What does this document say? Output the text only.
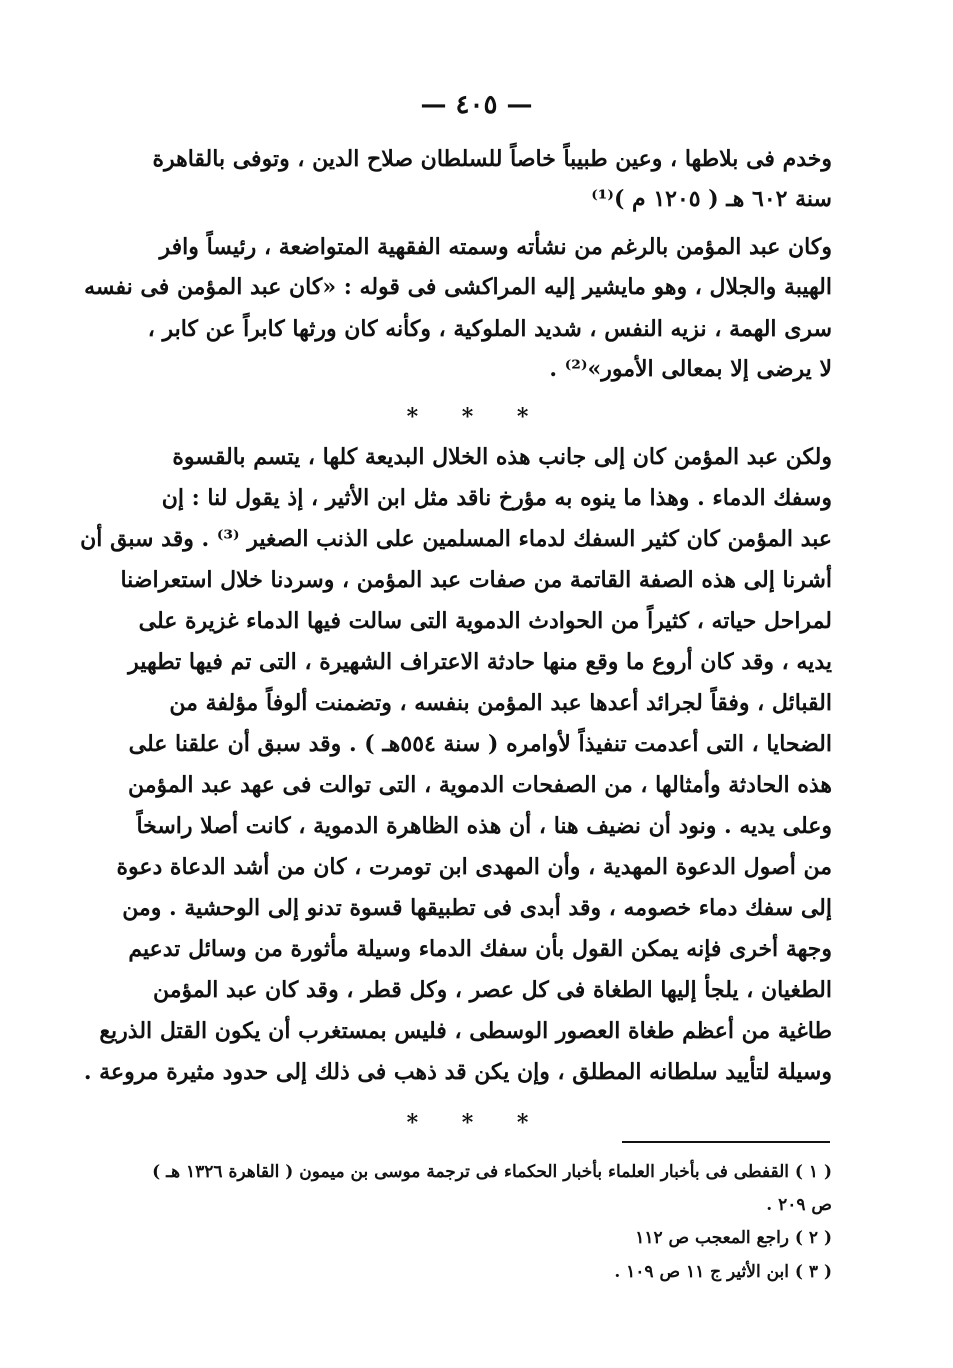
— ٤٠٥ —
وخدم فى بلاطها ، وعين طبيباً خاصاً للسلطان صلاح الدين ، وتوفى بالقاهرة
سنة ٦٠٢ هـ ( ١٢٠٥ م )⁽¹⁾
وكان عبد المؤمن بالرغم من نشأته وسمته الفقهية المتواضعة ، رئيساً وافر
الهيبة والجلال ، وهو مايشير إليه المراكشى فى قوله : «كان عبد المؤمن فى نفسه
سرى الهمة ، نزيه النفس ، شديد الملوكية ، وكأنه كان ورثها كابراً عن كابر ،
لا يرضى إلا بمعالى الأمور»⁽²⁾ .
ولكن عبد المؤمن كان إلى جانب هذه الخلال البديعة كلها ، يتسم بالقسوة
وسفك الدماء . وهذا ما ينوه به مؤرخ ناقد مثل ابن الأثير ، إذ يقول لنا : إن
عبد المؤمن كان كثير السفك لدماء المسلمين على الذنب الصغير ⁽³⁾ . وقد سبق أن
أشرنا إلى هذه الصفة القاتمة من صفات عبد المؤمن ، وسردنا خلال استعراضنا
لمراحل حياته ، كثيراً من الحوادث الدموية التى سالت فيها الدماء غزيرة على
يديه ، وقد كان أروع ما وقع منها حادثة الاعتراف الشهيرة ، التى تم فيها تطهير
القبائل ، وفقاً لجرائد أعدها عبد المؤمن بنفسه ، وتضمنت ألوفاً مؤلفة من
الضحايا ، التى أعدمت تنفيذاً لأوامره ( سنة ٥٥٤هـ ) . وقد سبق أن علقنا على
هذه الحادثة وأمثالها ، من الصفحات الدموية ، التى توالت فى عهد عبد المؤمن
وعلى يديه . ونود أن نضيف هنا ، أن هذه الظاهرة الدموية ، كانت أصلا راسخاً
من أصول الدعوة المهدية ، وأن المهدى ابن تومرت ، كان من أشد الدعاة دعوة
إلى سفك دماء خصومه ، وقد أبدى فى تطبيقها قسوة تدنو إلى الوحشية . ومن
وجهة أخرى فإنه يمكن القول بأن سفك الدماء وسيلة مأثورة من وسائل تدعيم
الطغيان ، يلجأ إليها الطغاة فى كل عصر ، وكل قطر ، وقد كان عبد المؤمن
طاغية من أعظم طغاة العصور الوسطى ، فليس بمستغرب أن يكون القتل الذريع
وسيلة لتأييد سلطانه المطلق ، وإن يكن قد ذهب فى ذلك إلى حدود مثيرة مروعة .
* * *
* * *
( ١ ) القفطى فى بأخبار العلماء بأخبار الحكماء فى ترجمة موسى بن ميمون ( القاهرة ١٣٢٦ هـ )
ص ٢٠٩ .
( ٢ ) راجع المعجب ص ١١٢
( ٣ ) ابن الأثير ج ١١ ص ١٠٩ .
